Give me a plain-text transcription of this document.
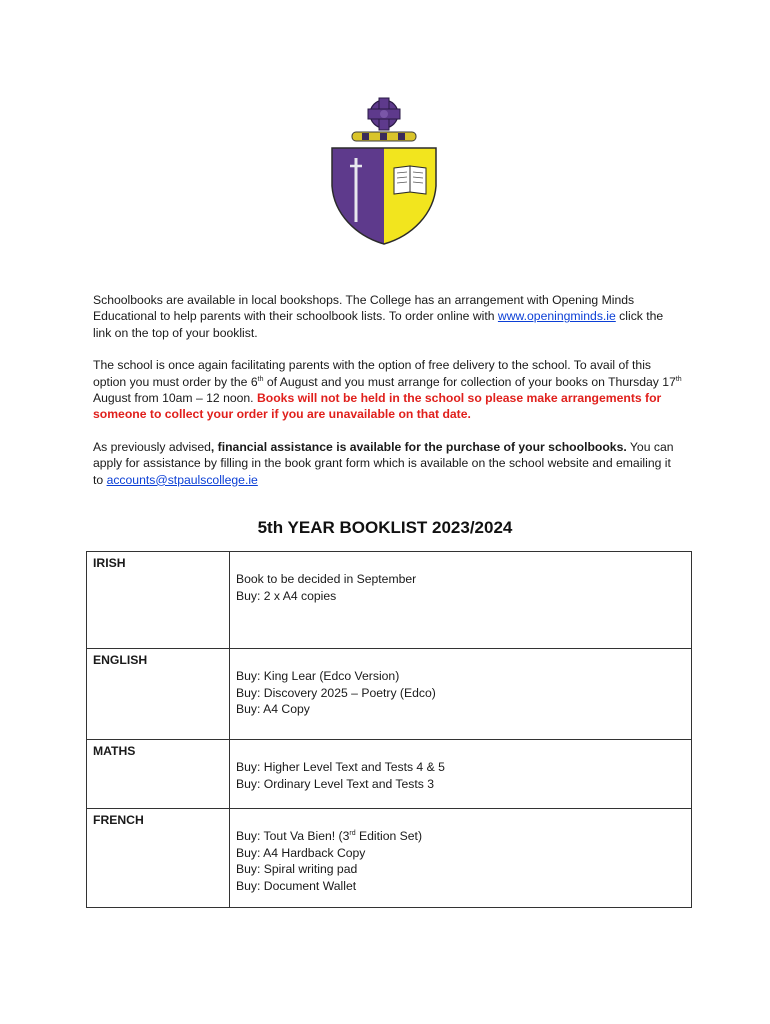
Schoolbooks are available in local bookshops. The College has an arrangement with Opening Minds Educational to help parents with their schoolbook lists. To order online with www.openingminds.ie click the link on the top of your booklist.

The school is once again facilitating parents with the option of free delivery to the school. To avail of this option you must order by the 6th of August and you must arrange for collection of your books on Thursday 17th August from 10am – 12 noon. Books will not be held in the school so please make arrangements for someone to collect your order if you are unavailable on that date.

As previously advised, financial assistance is available for the purchase of your schoolbooks. You can apply for assistance by filling in the book grant form which is available on the school website and emailing it to accounts@stpaulscollege.ie

5th YEAR BOOKLIST 2023/2024
IRISH	Book to be decided in September
Buy: 2 x A4 copies

ENGLISH	Buy: King Lear (Edco Version)
Buy: Discovery 2025 – Poetry (Edco)
Buy: A4 Copy

MATHS	Buy: Higher Level Text and Tests 4 & 5
Buy: Ordinary Level Text and Tests 3

FRENCH	Buy: Tout Va Bien! (3rd Edition Set)
Buy: A4 Hardback Copy
Buy: Spiral writing pad
Buy: Document Wallet
